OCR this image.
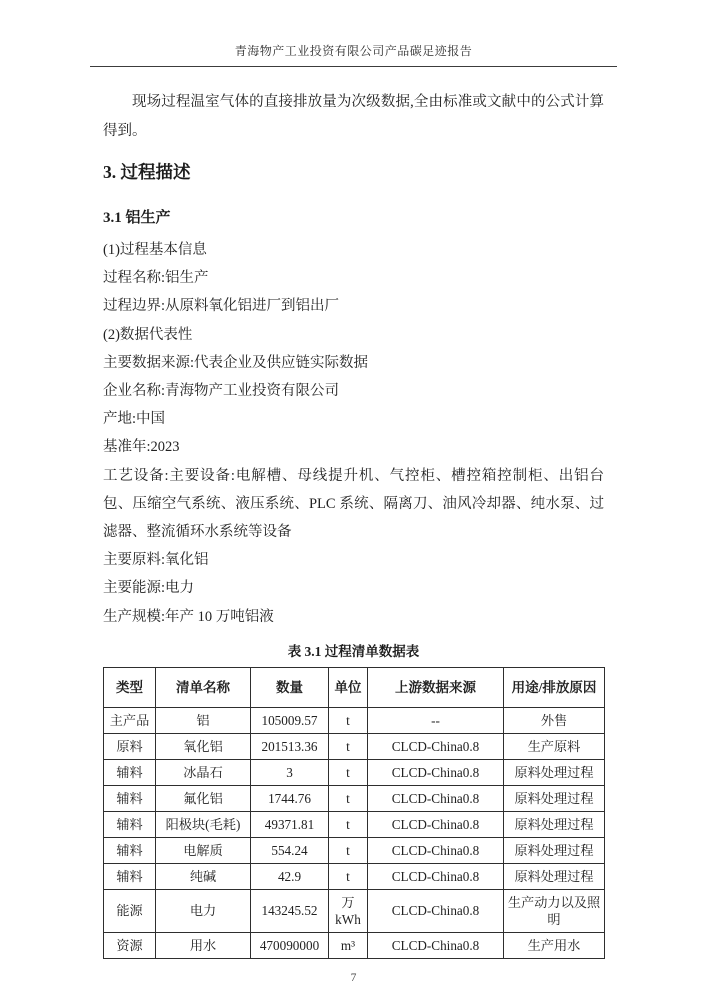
青海物产工业投资有限公司产品碳足迹报告

现场过程温室气体的直接排放量为次级数据,全由标准或文献中的公式计算得到。

3. 过程描述
3.1 铝生产

(1)过程基本信息

过程名称:铝生产

过程边界:从原料氧化铝进厂到铝出厂

(2)数据代表性

主要数据来源:代表企业及供应链实际数据

企业名称:青海物产工业投资有限公司

产地:中国

基准年:2023

工艺设备:主要设备:电解槽、母线提升机、气控柜、槽控箱控制柜、出铝台包、压缩空气系统、液压系统、PLC 系统、隔离刀、油风冷却器、纯水泵、过滤器、整流循环水系统等设备

主要原料:氧化铝

主要能源:电力

生产规模:年产 10 万吨铝液

表 3.1 过程清单数据表
类型	清单名称	数量	单位	上游数据来源	用途/排放原因
主产品	铝	105009.57	t	--	外售
原料	氧化铝	201513.36	t	CLCD-China0.8	生产原料
辅料	冰晶石	3	t	CLCD-China0.8	原料处理过程
辅料	氟化铝	1744.76	t	CLCD-China0.8	原料处理过程
辅料	阳极块(毛耗)	49371.81	t	CLCD-China0.8	原料处理过程
辅料	电解质	554.24	t	CLCD-China0.8	原料处理过程
辅料	纯碱	42.9	t	CLCD-China0.8	原料处理过程
能源	电力	143245.52	万kWh	CLCD-China0.8	生产动力以及照明
资源	用水	470090000	m³	CLCD-China0.8	生产用水
7
